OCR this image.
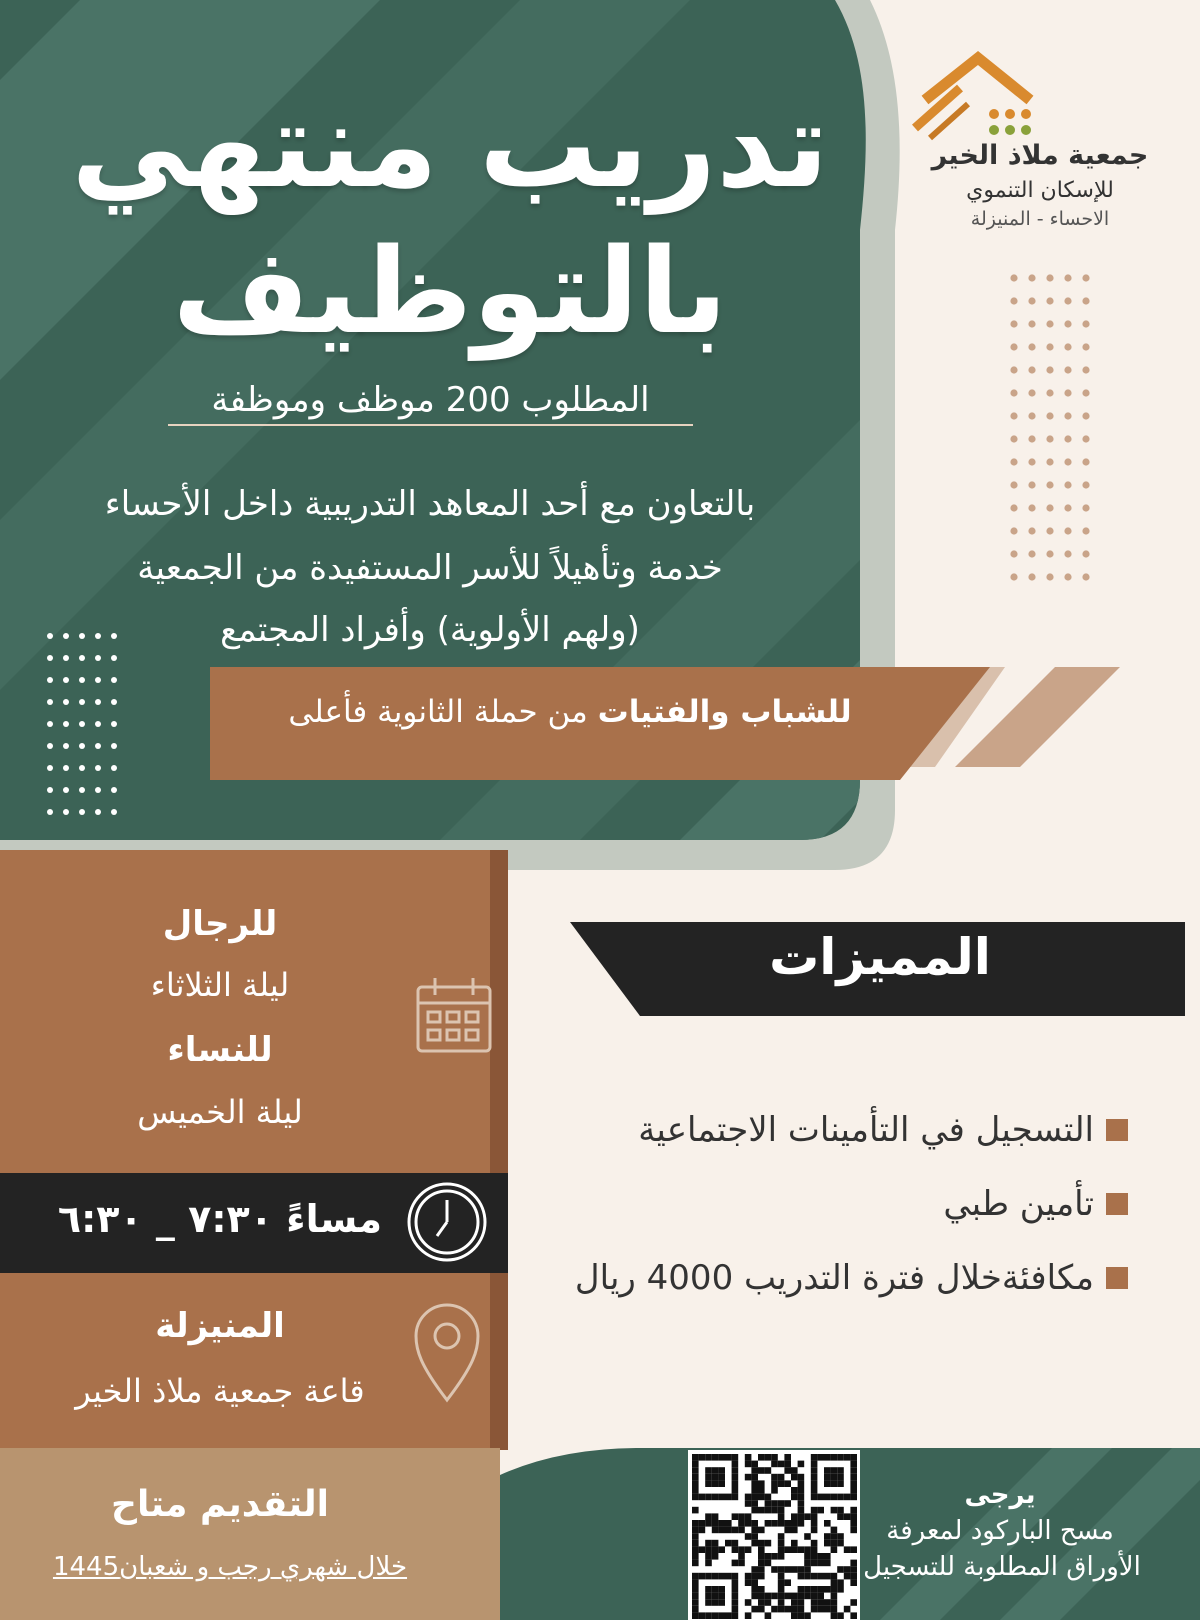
تدريب منتهي
بالتوظيف
المطلوب 200 موظف وموظفة
بالتعاون مع أحد المعاهد التدريبية داخل الأحساء
خدمة وتأهيلاً للأسر المستفيدة من الجمعية
(ولهم الأولوية) وأفراد المجتمع
للشباب والفتيات من حملة الثانوية فأعلى
جمعية ملاذ الخير
للإسكان التنموي
الاحساء - المنيزلة
للرجال
ليلة الثلاثاء
للنساء
ليلة الخميس
مساءً ٧:٣٠ _ ٦:٣٠
المنيزلة
قاعة جمعية ملاذ الخير
المميزات
التسجيل في التأمينات الاجتماعية
تأمين طبي
مكافئةخلال فترة التدريب 4000 ريال
التقديم متاح
خلال شهري رجب و شعبان1445
يرجى
مسح الباركود لمعرفة
الأوراق المطلوبة للتسجيل
